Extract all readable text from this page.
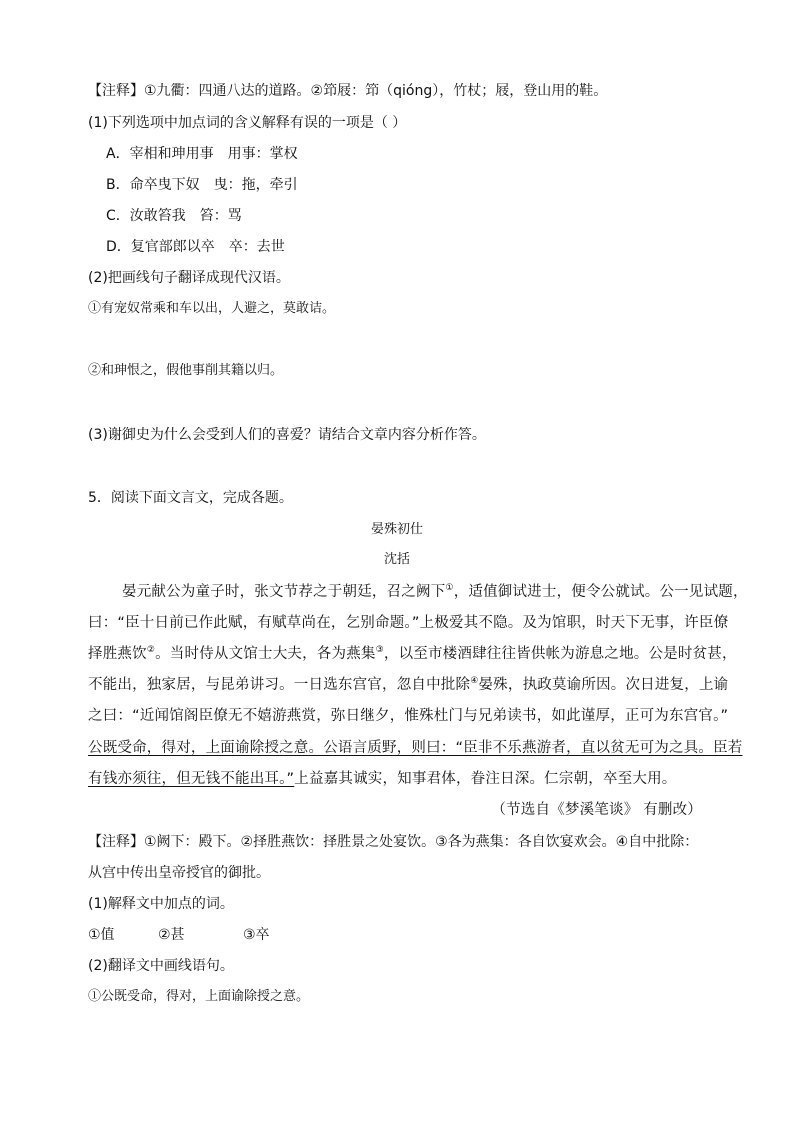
【注释】①九衢：四通八达的道路。②笻屐：笻（qióng），竹杖；屐，登山用的鞋。
(1)下列选项中加点词的含义解释有误的一项是（ ）
A．宰相和珅用事　用事：掌权
B．命卒曳下奴　曳：拖，牵引
C．汝敢笞我　笞：骂
D．复官部郎以卒　卒：去世
(2)把画线句子翻译成现代汉语。
①有宠奴常乘和车以出，人避之，莫敢诘。
②和珅恨之，假他事削其籍以归。
(3)谢御史为什么会受到人们的喜爱？请结合文章内容分析作答。
5．阅读下面文言文，完成各题。
晏殊初仕
沈括
晏元献公为童子时，张文节荐之于朝廷，召之阙下①，适值御试进士，便令公就试。公一见试题，
曰：“臣十日前已作此赋，有赋草尚在，乞别命题。”上极爱其不隐。及为馆职，时天下无事，许臣僚
择胜燕饮②。当时侍从文馆士大夫，各为燕集③，以至市楼酒肆往往皆供帐为游息之地。公是时贫甚，
不能出，独家居，与昆弟讲习。一日选东宫官，忽自中批除④晏殊，执政莫谕所因。次日进复，上谕
之曰：“近闻馆阁臣僚无不嬉游燕赏，弥日继夕，惟殊杜门与兄弟读书，如此谨厚，正可为东宫官。”
公既受命，得对，上面谕除授之意。公语言质野，则曰：“臣非不乐燕游者，直以贫无可为之具。臣若
有钱亦须往，但无钱不能出耳。”上益嘉其诚实，知事君体，眷注日深。仁宗朝，卒至大用。
（节选自《梦溪笔谈》 有删改）
【注释】①阙下：殿下。②择胜燕饮：择胜景之处宴饮。③各为燕集：各自饮宴欢会。④自中批除：
从宫中传出皇帝授官的御批。
(1)解释文中加点的词。
①值	②甚	③卒
(2)翻译文中画线语句。
①公既受命，得对，上面谕除授之意。
